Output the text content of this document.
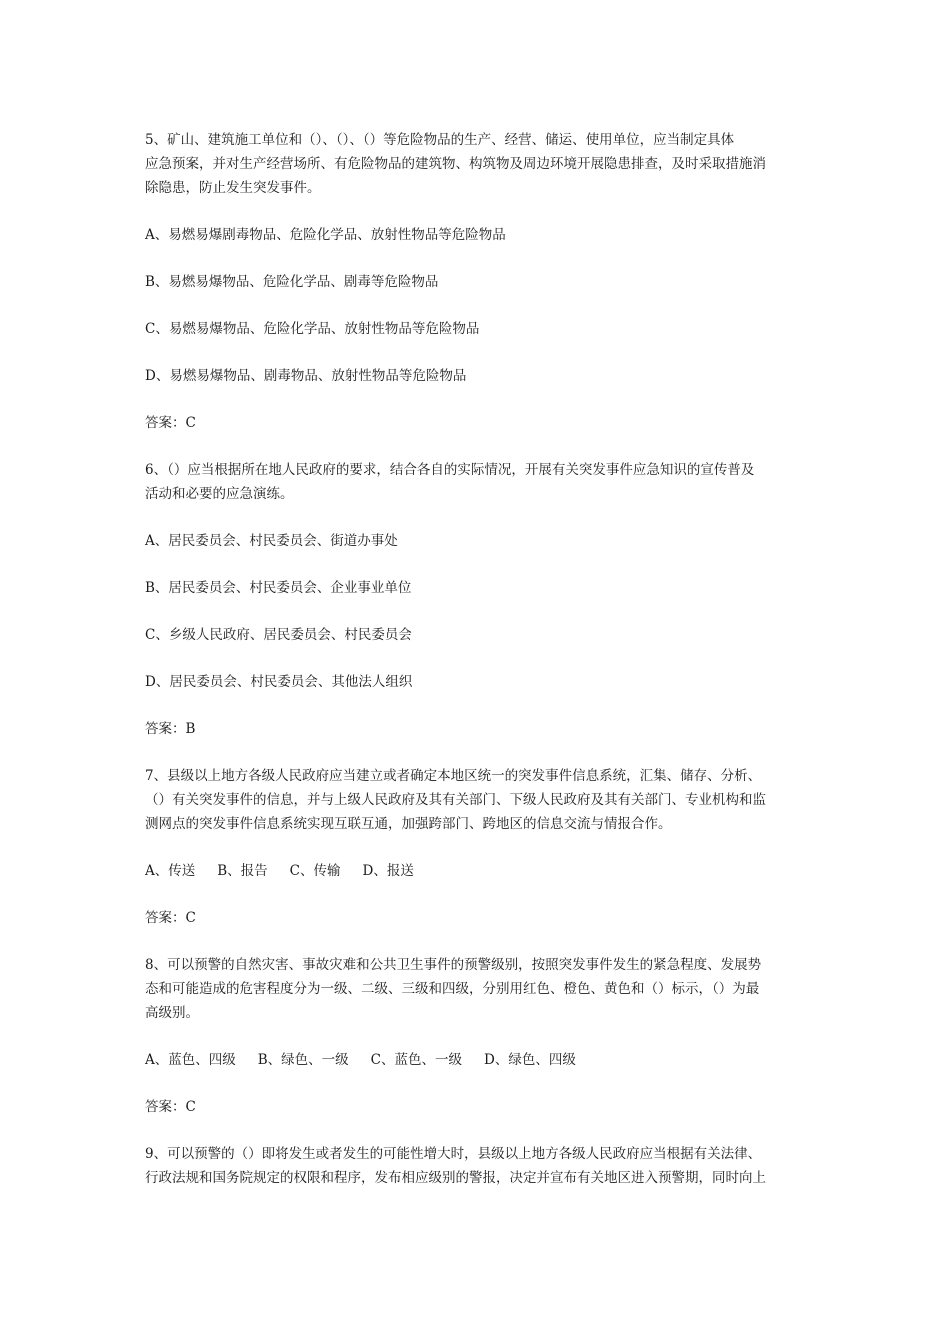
5、矿山、建筑施工单位和（）、（）、（）等危险物品的生产、经营、储运、使用单位，应当制定具体

应急预案，并对生产经营场所、有危险物品的建筑物、构筑物及周边环境开展隐患排查，及时采取措施消

除隐患，防止发生突发事件。

A、易燃易爆剧毒物品、危险化学品、放射性物品等危险物品

B、易燃易爆物品、危险化学品、剧毒等危险物品

C、易燃易爆物品、危险化学品、放射性物品等危险物品

D、易燃易爆物品、剧毒物品、放射性物品等危险物品

答案：C

6、（）应当根据所在地人民政府的要求，结合各自的实际情况，开展有关突发事件应急知识的宣传普及

活动和必要的应急演练。

A、居民委员会、村民委员会、街道办事处

B、居民委员会、村民委员会、企业事业单位

C、乡级人民政府、居民委员会、村民委员会

D、居民委员会、村民委员会、其他法人组织

答案：B

7、县级以上地方各级人民政府应当建立或者确定本地区统一的突发事件信息系统，汇集、储存、分析、

（）有关突发事件的信息，并与上级人民政府及其有关部门、下级人民政府及其有关部门、专业机构和监

测网点的突发事件信息系统实现互联互通，加强跨部门、跨地区的信息交流与情报合作。

A、传送 B、报告 C、传输 D、报送

答案：C

8、可以预警的自然灾害、事故灾难和公共卫生事件的预警级别，按照突发事件发生的紧急程度、发展势

态和可能造成的危害程度分为一级、二级、三级和四级，分别用红色、橙色、黄色和（）标示，（）为最

高级别。

A、蓝色、四级 B、绿色、一级 C、蓝色、一级 D、绿色、四级

答案：C

9、可以预警的（）即将发生或者发生的可能性增大时，县级以上地方各级人民政府应当根据有关法律、

行政法规和国务院规定的权限和程序，发布相应级别的警报，决定并宣布有关地区进入预警期，同时向上
